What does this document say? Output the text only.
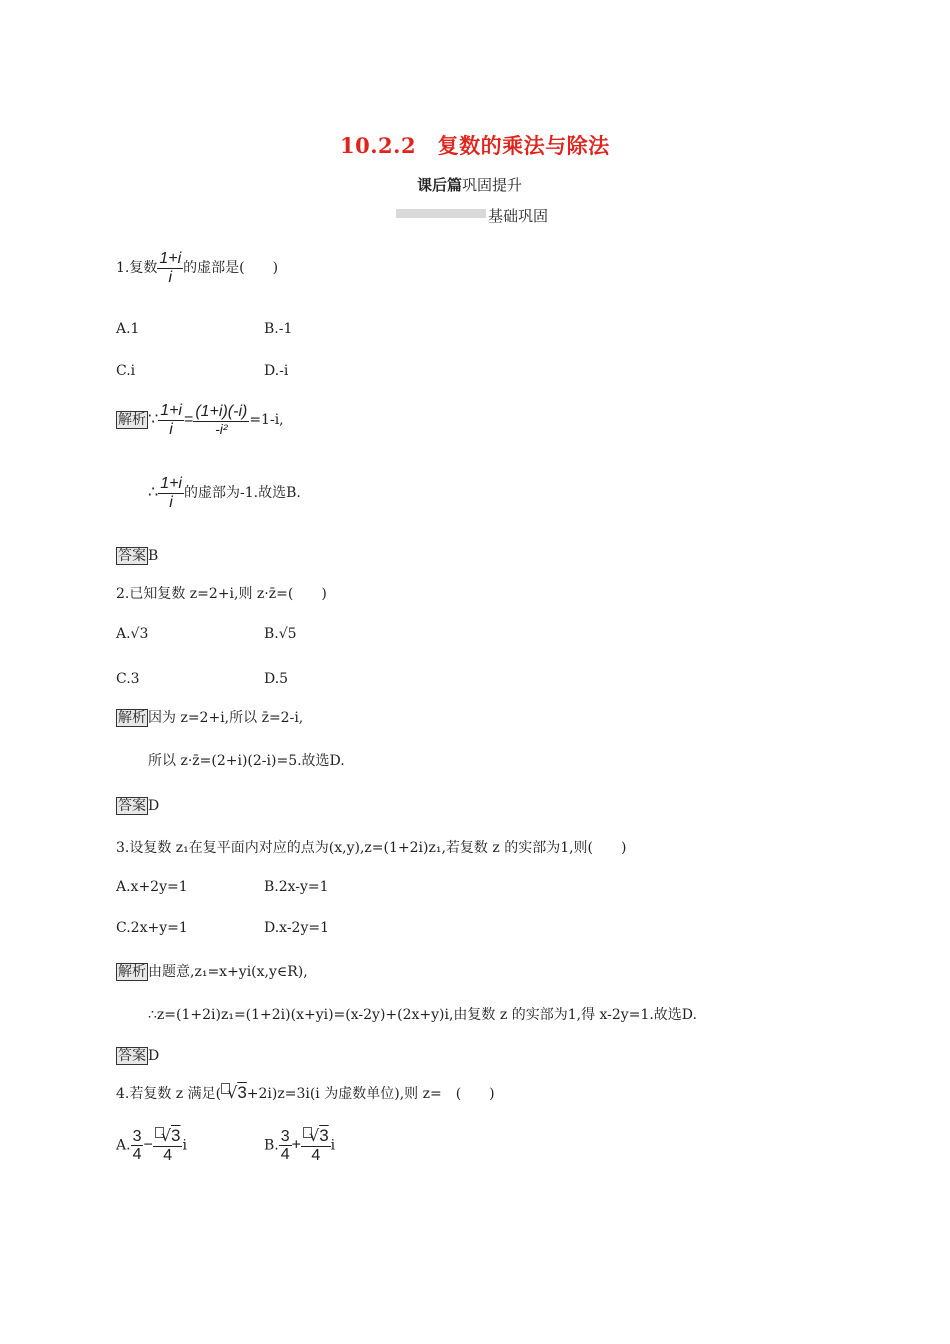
10.2.2　复数的乘法与除法
课后篇巩固提升
基础巩固
1.复数 $\frac{1+i}{i}$ 的虚部是(　　)
A.1	B.-1
C.i	D.-i
解析 ∵ $\frac{1+i}{i} = \frac{(1+i)(-i)}{\text{-i²}} =1-i$,
∴ $\frac{1+i}{i}$ 的虚部为-1.故选B.
答案 B
2.已知复数 z=2+i,则 z·z̄=(　　)
A.√3	B.√5
C.3	D.5
解析 因为 z=2+i,所以 z̄=2-i,
所以 z·z̄=(2+i)(2-i)=5.故选D.
答案 D
3.设复数 z₁在复平面内对应的点为(x,y),z=(1+2i)z₁,若复数 z 的实部为1,则(　　)
A.x+2y=1	B.2x-y=1
C.2x+y=1	D.x-2y=1
解析 由题意,z₁=x+yi(x,y∈R),
∴z=(1+2i)z₁=(1+2i)(x+yi)=(x-2y)+(2x+y)i,由复数 z 的实部为1,得 x-2y=1.故选D.
答案 D
4.若复数 z 满足( √3+2i)z=3i(i 为虚数单位),则 z=　(　　)
A. $\frac{3}{4} - \frac{√3}{4}$ i	B. $\frac{3}{4} + \frac{√3}{4}$ i
